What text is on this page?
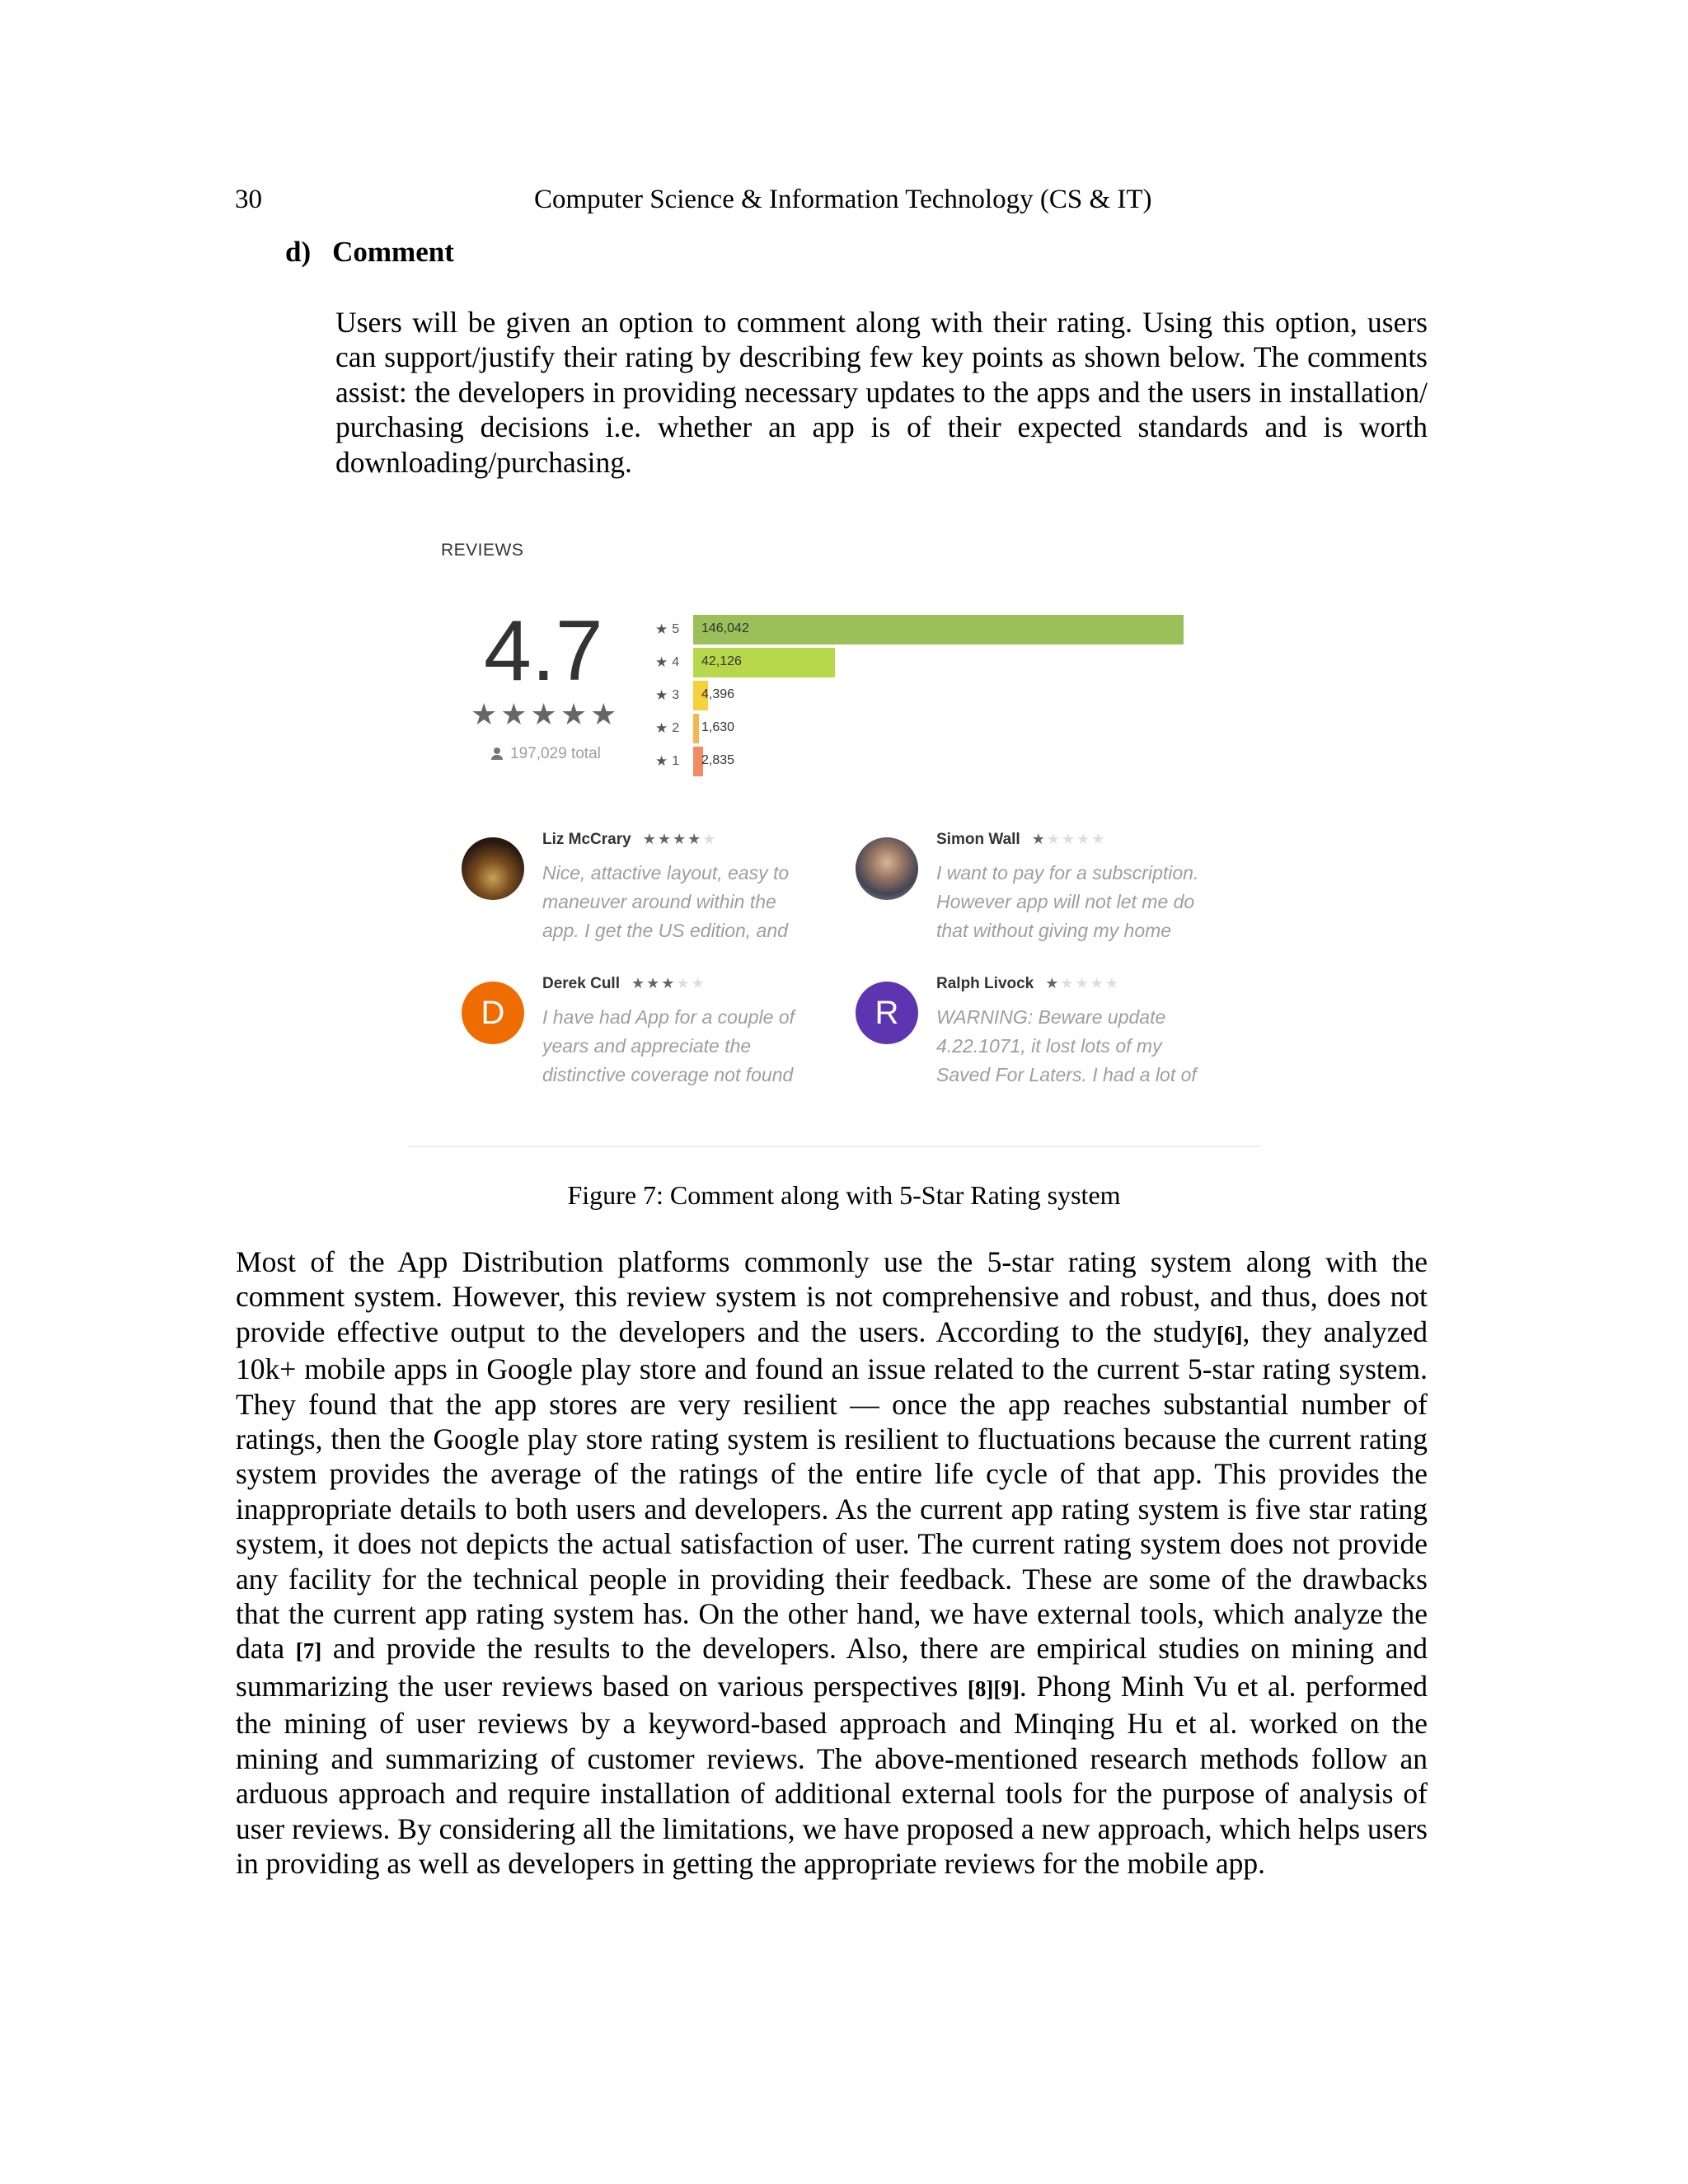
30	Computer Science & Information Technology (CS & IT)
d) Comment
Users will be given an option to comment along with their rating. Using this option, users can support/justify their rating by describing few key points as shown below. The comments assist: the developers in providing necessary updates to the apps and the users in installation/ purchasing decisions i.e. whether an app is of their expected standards and is worth downloading/purchasing.
REVIEWS
4.7
★★★★★
197,029 total
★ 5 146,042
★ 4 42,126
★ 3 4,396
★ 2 1,630
★ 1 2,835
Liz McCrary ★★★★★
Nice, attactive layout, easy to maneuver around within the app. I get the US edition, and
Simon Wall ★★★★★
I want to pay for a subscription. However app will not let me do that without giving my home
D
Derek Cull ★★★★★
I have had App for a couple of years and appreciate the distinctive coverage not found
R
Ralph Livock ★★★★★
WARNING: Beware update 4.22.1071, it lost lots of my Saved For Laters. I had a lot of
Figure 7: Comment along with 5-Star Rating system
Most of the App Distribution platforms commonly use the 5-star rating system along with the comment system. However, this review system is not comprehensive and robust, and thus, does not provide effective output to the developers and the users. According to the study[6], they analyzed 10k+ mobile apps in Google play store and found an issue related to the current 5-star rating system. They found that the app stores are very resilient — once the app reaches substantial number of ratings, then the Google play store rating system is resilient to fluctuations because the current rating system provides the average of the ratings of the entire life cycle of that app. This provides the inappropriate details to both users and developers. As the current app rating system is five star rating system, it does not depicts the actual satisfaction of user. The current rating system does not provide any facility for the technical people in providing their feedback. These are some of the drawbacks that the current app rating system has. On the other hand, we have external tools, which analyze the data [7] and provide the results to the developers. Also, there are empirical studies on mining and summarizing the user reviews based on various perspectives [8][9]. Phong Minh Vu et al. performed the mining of user reviews by a keyword-based approach and Minqing Hu et al. worked on the mining and summarizing of customer reviews. The above-mentioned research methods follow an arduous approach and require installation of additional external tools for the purpose of analysis of user reviews. By considering all the limitations, we have proposed a new approach, which helps users in providing as well as developers in getting the appropriate reviews for the mobile app.
